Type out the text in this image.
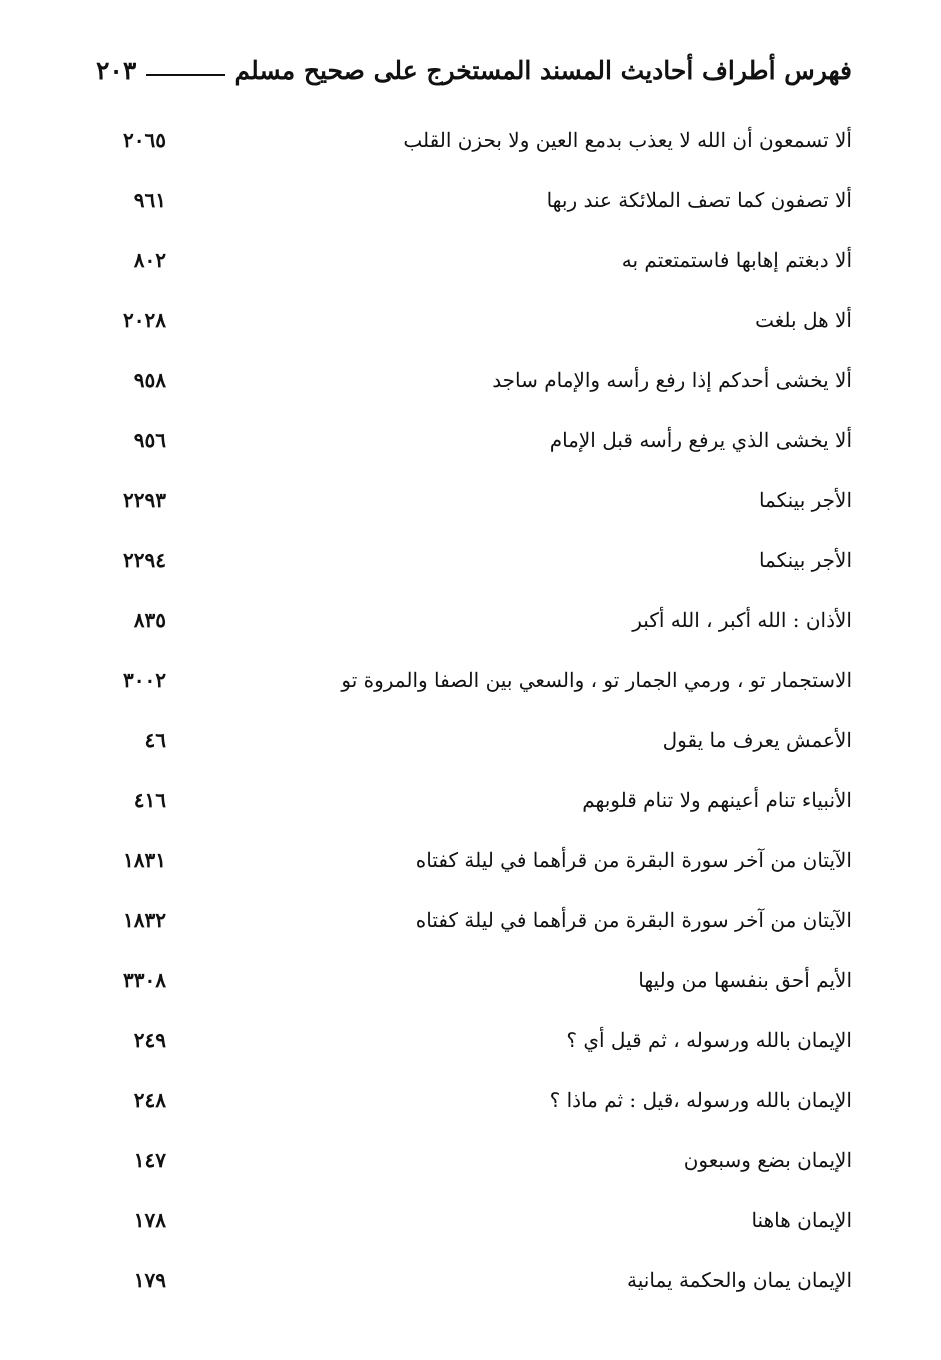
فهرس أطراف أحاديث المسند المستخرج على صحيح مسلم
٢٠٣
ألا تسمعون أن الله لا يعذب بدمع العين ولا بحزن القلب
٢٠٦٥
ألا تصفون كما تصف الملائكة عند ربها
٩٦١
ألا دبغتم إهابها فاستمتعتم به
٨٠٢
ألا هل بلغت
٢٠٢٨
ألا يخشى أحدكم إذا رفع رأسه والإمام ساجد
٩٥٨
ألا يخشى الذي يرفع رأسه قبل الإمام
٩٥٦
الأجر بينكما
٢٢٩٣
الأجر بينكما
٢٢٩٤
الأذان : الله أكبر ، الله أكبر
٨٣٥
الاستجمار تو ، ورمي الجمار تو ، والسعي بين الصفا والمروة تو
٣٠٠٢
الأعمش يعرف ما يقول
٤٦
الأنبياء تنام أعينهم ولا تنام قلوبهم
٤١٦
الآيتان من آخر سورة البقرة من قرأهما في ليلة كفتاه
١٨٣١
الآيتان من آخر سورة البقرة من قرأهما في ليلة كفتاه
١٨٣٢
الأيم أحق بنفسها من وليها
٣٣٠٨
الإيمان بالله ورسوله ، ثم قيل أي ؟
٢٤٩
الإيمان بالله ورسوله ،قيل : ثم ماذا ؟
٢٤٨
الإيمان بضع وسبعون
١٤٧
الإيمان هاهنا
١٧٨
الإيمان يمان والحكمة يمانية
١٧٩
